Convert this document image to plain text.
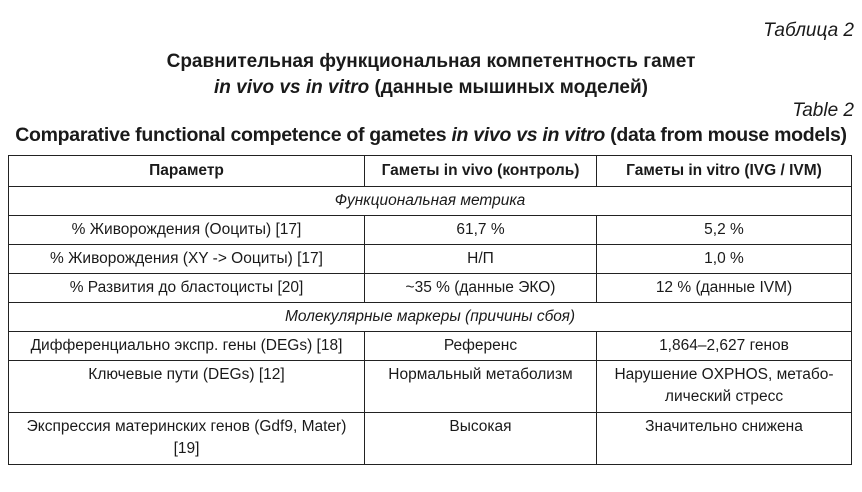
Таблица 2
Сравнительная функциональная компетентность гамет
in vivo vs in vitro (данные мышиных моделей)
Table 2
Comparative functional competence of gametes in vivo vs in vitro (data from mouse models)
Параметр	Гаметы in vivo (контроль)	Гаметы in vitro (IVG / IVM)
Функциональная метрика		
% Живорождения (Ооциты) [17]	61,7 %	5,2 %
% Живорождения (XY -> Ооциты) [17]	Н/П	1,0 %
% Развития до бластоцисты [20]	~35 % (данные ЭКО)	12 % (данные IVM)
Молекулярные маркеры (причины сбоя)		
Дифференциально экспр. гены (DEGs) [18]	Референс	1,864–2,627 генов
Ключевые пути (DEGs) [12]	Нормальный метаболизм	Нарушение OXPHOS, метабо-лический стресс
Экспрессия материнских генов (Gdf9, Mater) [19]	Высокая	Значительно снижена
